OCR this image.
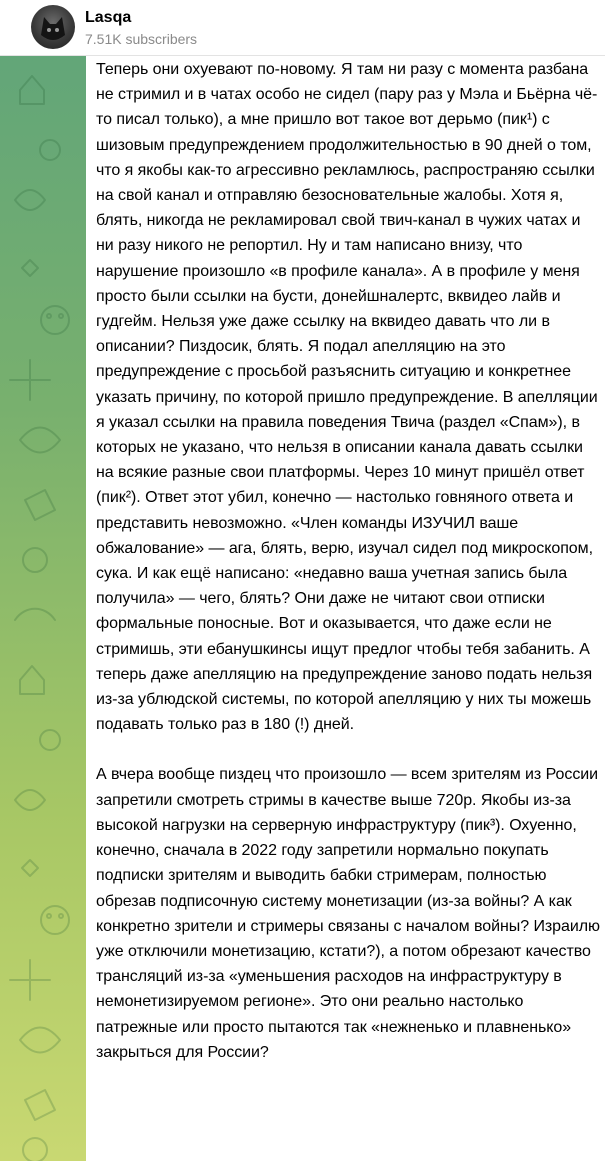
Lasqa
7.51K subscribers

Теперь они охуевают по-новому. Я там ни разу с момента разбана не стримил и в чатах особо не сидел (пару раз у Мэла и Бьёрна чё-то писал только), а мне пришло вот такое вот дерьмо (пик¹) с шизовым предупреждением продолжительностью в 90 дней о том, что я якобы как-то агрессивно рекламлюсь, распространяю ссылки на свой канал и отправляю безосновательные жалобы. Хотя я, блять, никогда не рекламировал свой твич-канал в чужих чатах и ни разу никого не репортил. Ну и там написано внизу, что нарушение произошло «в профиле канала». А в профиле у меня просто были ссылки на бусти, донейшналертс, вквидео лайв и гудгейм. Нельзя уже даже ссылку на вквидео давать что ли в описании? Пиздосик, блять. Я подал апелляцию на это предупреждение с просьбой разъяснить ситуацию и конкретнее указать причину, по которой пришло предупреждение. В апелляции я указал ссылки на правила поведения Твича (раздел «Спам»), в которых не указано, что нельзя в описании канала давать ссылки на всякие разные свои платформы. Через 10 минут пришёл ответ (пик²). Ответ этот убил, конечно — настолько говняного ответа и представить невозможно. «Член команды ИЗУЧИЛ ваше обжалование» — ага, блять, верю, изучал сидел под микроскопом, сука. И как ещё написано: «недавно ваша учетная запись была получила» — чего, блять? Они даже не читают свои отписки формальные поносные. Вот и оказывается, что даже если не стримишь, эти ебанушкинсы ищут предлог чтобы тебя забанить. А теперь даже апелляцию на предупреждение заново подать нельзя из-за ублюдской системы, по которой апелляцию у них ты можешь подавать только раз в 180 (!) дней.

А вчера вообще пиздец что произошло — всем зрителям из России запретили смотреть стримы в качестве выше 720p. Якобы из-за высокой нагрузки на серверную инфраструктуру (пик³). Охуенно, конечно, сначала в 2022 году запретили нормально покупать подписки зрителям и выводить бабки стримерам, полностью обрезав подписочную систему монетизации (из-за войны? А как конкретно зрители и стримеры связаны с началом войны? Израилю уже отключили монетизацию, кстати?), а потом обрезают качество трансляций из-за «уменьшения расходов на инфраструктуру в немонетизируемом регионе». Это они реально настолько патрежные или просто пытаются так «нежненько и плавненько» закрыться для России?
